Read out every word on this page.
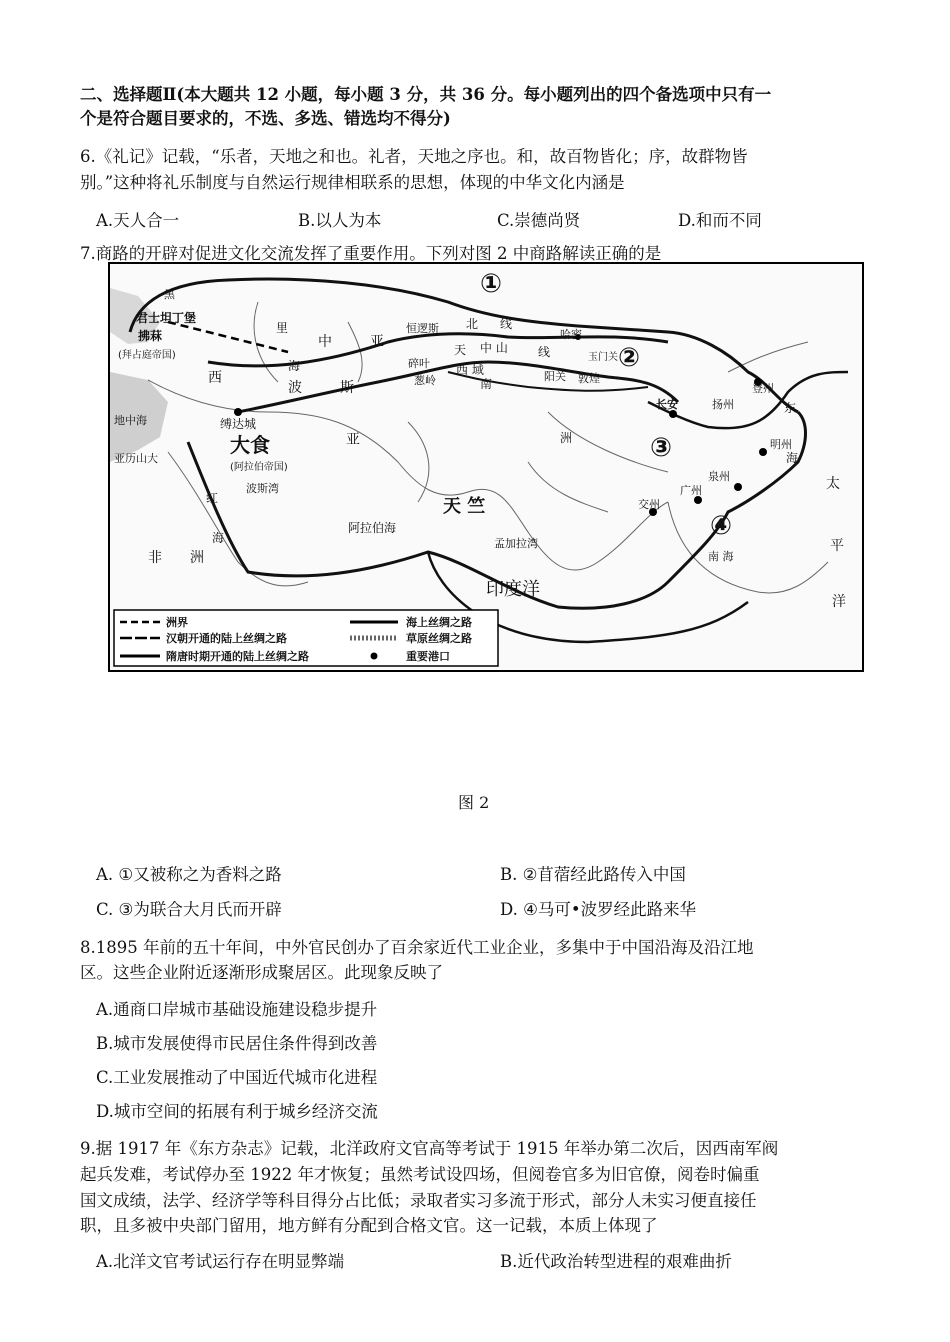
二、选择题Ⅱ(本大题共 12 小题，每小题 3 分，共 36 分。每小题列出的四个备选项中只有一
个是符合题目要求的，不选、多选、错选均不得分)
6.《礼记》记载，“乐者，天地之和也。礼者，天地之序也。和，故百物皆化；序，故群物皆
别。”这种将礼乐制度与自然运行规律相联系的思想，体现的中华文化内涵是
A.天人合一	B.以人为本	C.崇德尚贤	D.和而不同
7.商路的开辟对促进文化交流发挥了重要作用。下列对图 2 中商路解读正确的是
君士坦丁堡
拂菻
(拜占庭帝国)
里
海
中	亚
西
缚达城
波	斯
大食
(阿拉伯帝国)
亚
波斯湾
地中海
亚历山大
红
海
非 洲
阿拉伯海
天 竺
孟加拉湾
印度洋
恒逻斯 北 线
哈密
天 中 山	线
碎叶
葱岭
西 域
南
玉门关
阳关 敦煌
长安
洲
扬州
登州
明州
泉州
广州
交州
南 海
东
海
太
平
洋
黑	①
②
③
④
洲界
汉朝开通的陆上丝绸之路
隋唐时期开通的陆上丝绸之路
海上丝绸之路
草原丝绸之路
重要港口
图 2
A. ①又被称之为香料之路	B. ②苜蓿经此路传入中国
C. ③为联合大月氏而开辟	D. ④马可•波罗经此路来华
8.1895 年前的五十年间，中外官民创办了百余家近代工业企业，多集中于中国沿海及沿江地
区。这些企业附近逐渐形成聚居区。此现象反映了
A.通商口岸城市基础设施建设稳步提升
B.城市发展使得市民居住条件得到改善
C.工业发展推动了中国近代城市化进程
D.城市空间的拓展有利于城乡经济交流
9.据 1917 年《东方杂志》记载，北洋政府文官高等考试于 1915 年举办第二次后，因西南军阀
起兵发难，考试停办至 1922 年才恢复；虽然考试设四场，但阅卷官多为旧官僚，阅卷时偏重
国文成绩，法学、经济学等科目得分占比低；录取者实习多流于形式，部分人未实习便直接任
职，且多被中央部门留用，地方鲜有分配到合格文官。这一记载，本质上体现了
A.北洋文官考试运行存在明显弊端	B.近代政治转型进程的艰难曲折
